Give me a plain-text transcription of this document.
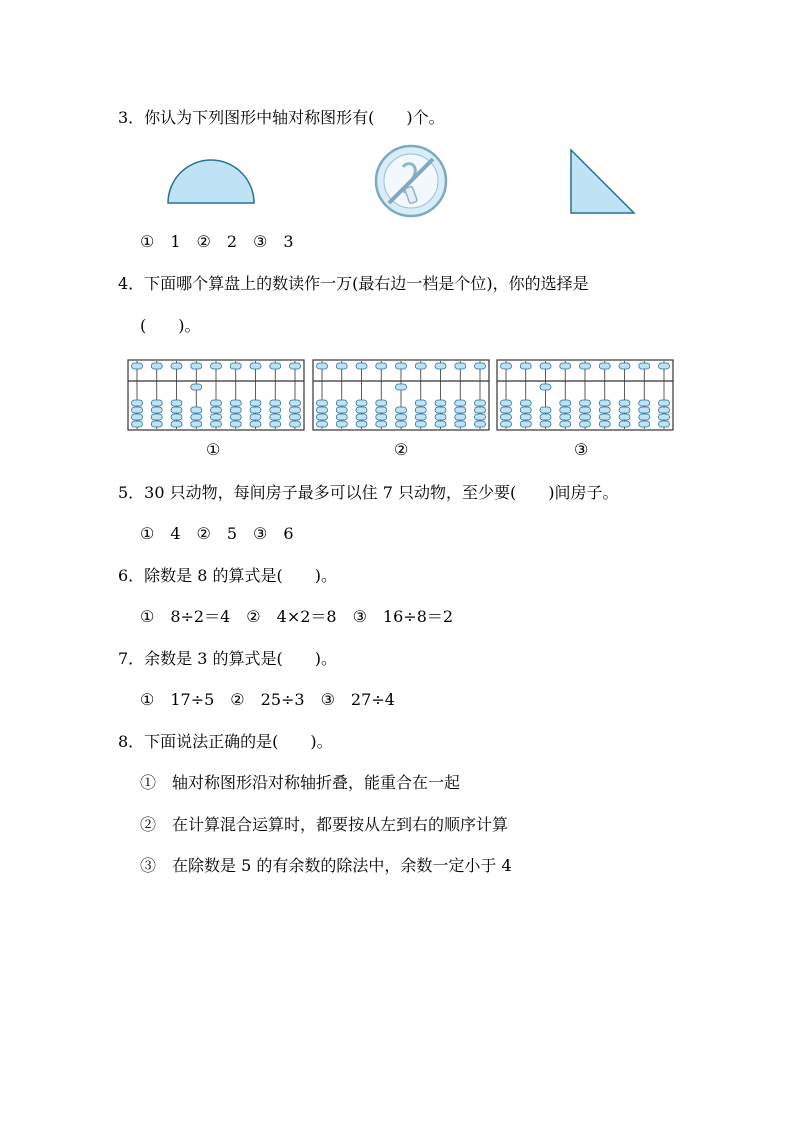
3．你认为下列图形中轴对称图形有(　　)个。
①　1　②　2　③　3
4．下面哪个算盘上的数读作一万(最右边一档是个位)，你的选择是
(　　)。
①	②	③
5．30 只动物，每间房子最多可以住 7 只动物，至少要(　　)间房子。
①　4　②　5　③　6
6．除数是 8 的算式是(　　)。
①　8÷2＝4　②　4×2＝8　③　16÷8＝2
7．余数是 3 的算式是(　　)。
①　17÷5　②　25÷3　③　27÷4
8．下面说法正确的是(　　)。
①　轴对称图形沿对称轴折叠，能重合在一起
②　在计算混合运算时，都要按从左到右的顺序计算
③　在除数是 5 的有余数的除法中，余数一定小于 4
